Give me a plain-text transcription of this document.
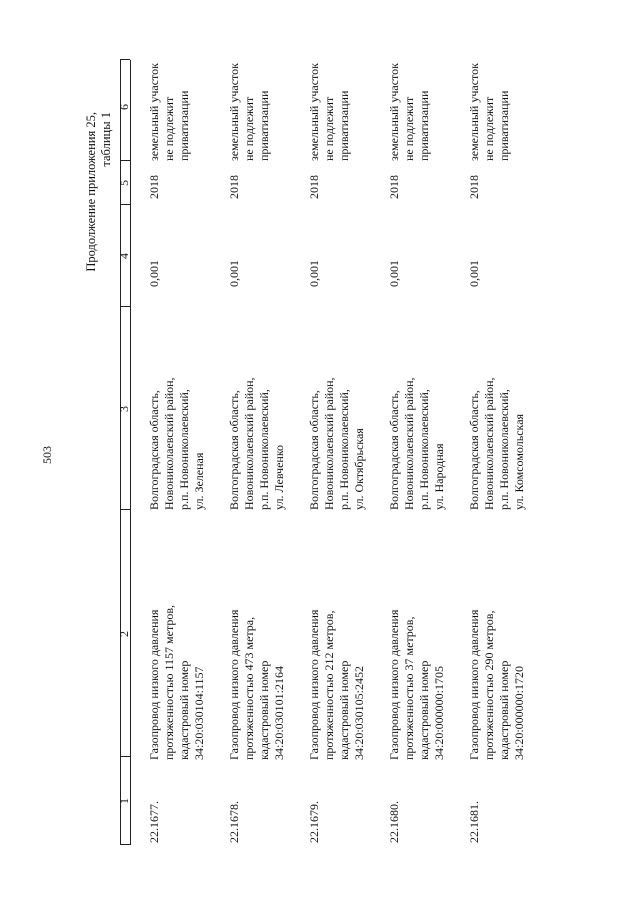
503
Продолжение приложения 25,
таблицы 1
1
2
3
4
5
6
22.1677.
Газопровод низкого давления
протяженностью 1157 метров,
кадастровый номер
34:20:030104:1157
Волгоградская область,
Новониколаевский район,
р.п. Новониколаевский,
ул. Зеленая
0,001
2018
земельный участок
не подлежит
приватизации
22.1678.
Газопровод низкого давления
протяженностью 473 метра,
кадастровый номер
34:20:030101:2164
Волгоградская область,
Новониколаевский район,
р.п. Новониколаевский,
ул. Левченко
0,001
2018
земельный участок
не подлежит
приватизации
22.1679.
Газопровод низкого давления
протяженностью 212 метров,
кадастровый номер
34:20:030105:2452
Волгоградская область,
Новониколаевский район,
р.п. Новониколаевский,
ул. Октябрьская
0,001
2018
земельный участок
не подлежит
приватизации
22.1680.
Газопровод низкого давления
протяженностью 37 метров,
кадастровый номер
34:20:000000:1705
Волгоградская область,
Новониколаевский район,
р.п. Новониколаевский,
ул. Народная
0,001
2018
земельный участок
не подлежит
приватизации
22.1681.
Газопровод низкого давления
протяженностью 290 метров,
кадастровый номер
34:20:000000:1720
Волгоградская область,
Новониколаевский район,
р.п. Новониколаевский,
ул. Комсомольская
0,001
2018
земельный участок
не подлежит
приватизации
